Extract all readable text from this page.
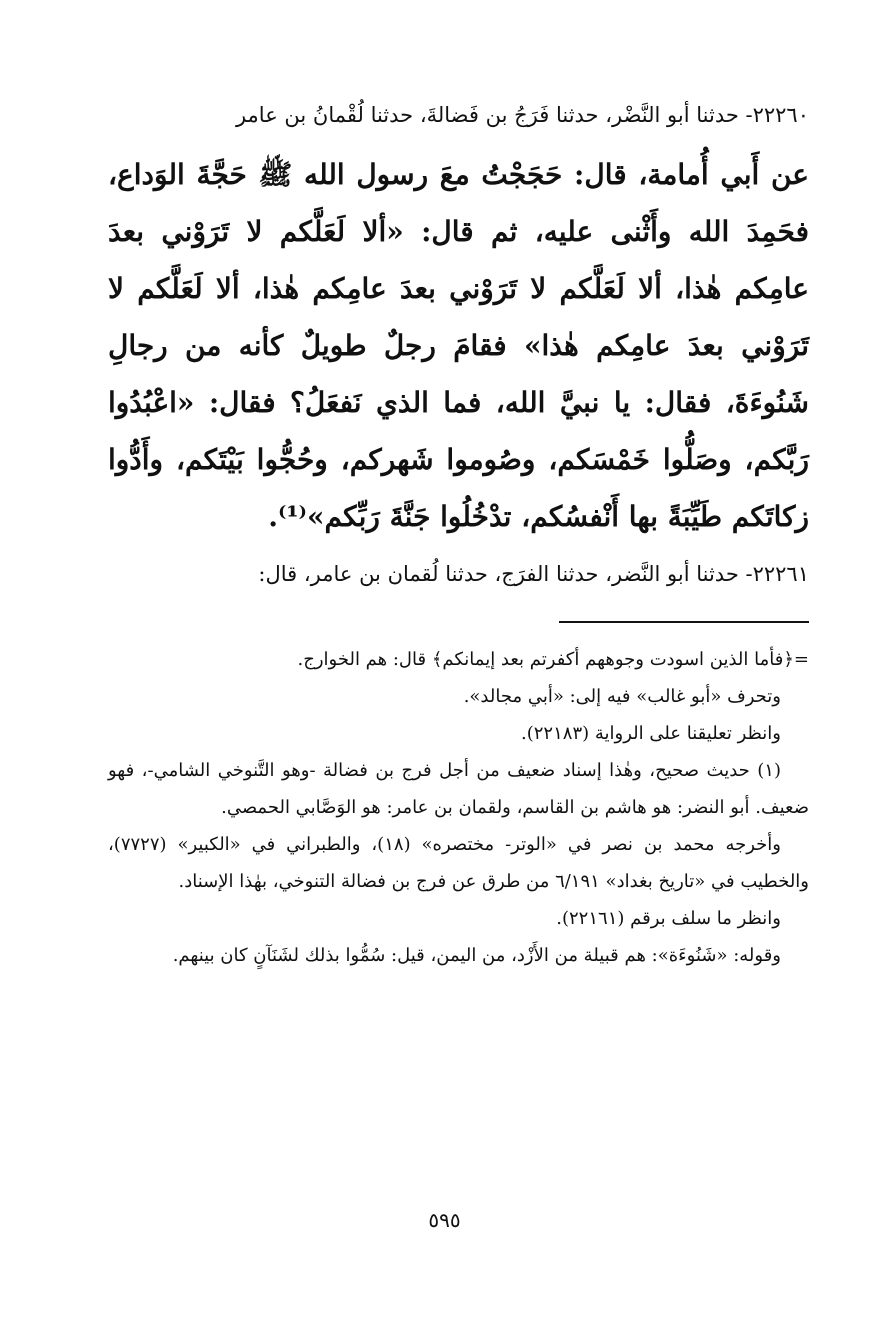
٢٢٢٦٠- حدثنا أبو النَّضْر، حدثنا فَرَجُ بن فَضالةَ، حدثنا لُقْمانُ بن عامر

عن أَبي أُمامة، قال: حَجَجْتُ معَ رسول الله ﷺ حَجَّةَ الوَداع، فحَمِدَ الله وأَثْنى عليه، ثم قال: «ألا لَعَلَّكم لا تَرَوْني بعدَ عامِكم هٰذا، ألا لَعَلَّكم لا تَرَوْني بعدَ عامِكم هٰذا، ألا لَعَلَّكم لا تَرَوْني بعدَ عامِكم هٰذا» فقامَ رجلٌ طويلٌ كأنه من رجالِ شَنُوءَةَ، فقال: يا نبيَّ الله، فما الذي نَفعَلُ؟ فقال: «اعْبُدُوا رَبَّكم، وصَلُّوا خَمْسَكم، وصُوموا شَهركم، وحُجُّوا بَيْتَكم، وأَدُّوا زكاتَكم طَيِّبَةً بها أَنْفسُكم، تدْخُلُوا جَنَّةَ رَبِّكم»⁽¹⁾.

٢٢٢٦١- حدثنا أبو النَّضر، حدثنا الفرَج، حدثنا لُقمان بن عامر، قال:

=﴿فأما الذين اسودت وجوههم أكفرتم بعد إيمانكم﴾ قال: هم الخوارج.

وتحرف «أبو غالب» فيه إلى: «أبي مجالد».

وانظر تعليقنا على الرواية (٢٢١٨٣).

(١) حديث صحيح، وهٰذا إسناد ضعيف من أجل فرج بن فضالة -وهو التَّنوخي الشامي-، فهو ضعيف. أبو النضر: هو هاشم بن القاسم، ولقمان بن عامر: هو الوَصَّابي الحمصي.

وأخرجه محمد بن نصر في «الوتر- مختصره» (١٨)، والطبراني في «الكبير» (٧٧٢٧)، والخطيب في «تاريخ بغداد» ٦/١٩١ من طرق عن فرج بن فضالة التنوخي، بهٰذا الإسناد.

وانظر ما سلف برقم (٢٢١٦١).

وقوله: «شَنُوءَة»: هم قبيلة من الأَزْد، من اليمن، قيل: سُمُّوا بذلك لشَنَآنٍ كان بينهم.

٥٩٥
